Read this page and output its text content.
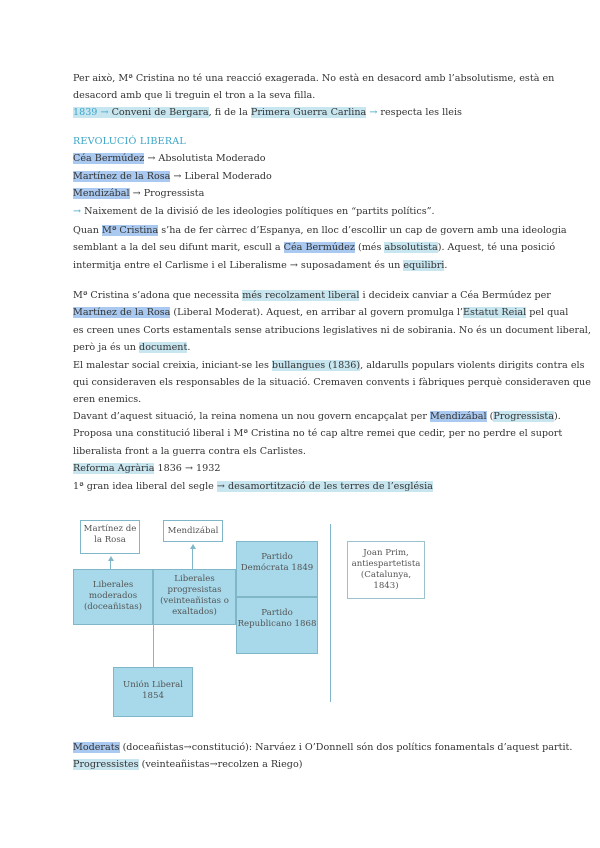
Per això, Mª Cristina no té una reacció exagerada. No està en desacord amb l’absolutisme, està en
desacord amb que li treguin el tron a la seva filla.
1839 → Conveni de Bergara, fi de la Primera Guerra Carlina → respecta les lleis
REVOLUCIÓ LIBERAL
Céa Bermúdez → Absolutista Moderado
Martínez de la Rosa → Liberal Moderado
Mendizábal → Progressista
→ Naixement de la divisió de les ideologies polítiques en “partits polítics”.
Quan Mª Cristina s’ha de fer càrrec d’Espanya, en lloc d’escollir un cap de govern amb una ideologia
semblant a la del seu difunt marit, escull a Céa Bermúdez (més absolutista). Aquest, té una posició
intermitja entre el Carlisme i el Liberalisme → suposadament és un equilibri.
Mª Cristina s’adona que necessita més recolzament liberal i decideix canviar a Céa Bermúdez per
Martínez de la Rosa (Liberal Moderat). Aquest, en arribar al govern promulga l’Estatut Reial pel qual
es creen unes Corts estamentals sense atribucions legislatives ni de sobirania. No és un document liberal,
però ja és un document.
El malestar social creixia, iniciant-se les bullangues (1836), aldarulls populars violents dirigits contra els
qui consideraven els responsables de la situació. Cremaven convents i fàbriques perquè consideraven que
eren enemics.
Davant d’aquest situació, la reina nomena un nou govern encapçalat per Mendizábal (Progressista).
Proposa una constitució liberal i Mª Cristina no té cap altre remei que cedir, per no perdre el suport
liberalista front a la guerra contra els Carlistes.
Reforma Agrària 1836 → 1932
1ª gran idea liberal del segle → desamortització de les terres de l’església
Martínez de la Rosa
Mendizábal
Liberales moderados (doceañistas)
Liberales progresistas (veinteañistas o exaltados)
Partido Demócrata 1849
Partido Republicano 1868
Unión Liberal 1854
Joan Prim, antiespartetista (Catalunya, 1843)
Moderats (doceañistas→constitució): Narváez i O’Donnell són dos polítics fonamentals d’aquest partit.
Progressistes (veinteañistas→recolzen a Riego)
